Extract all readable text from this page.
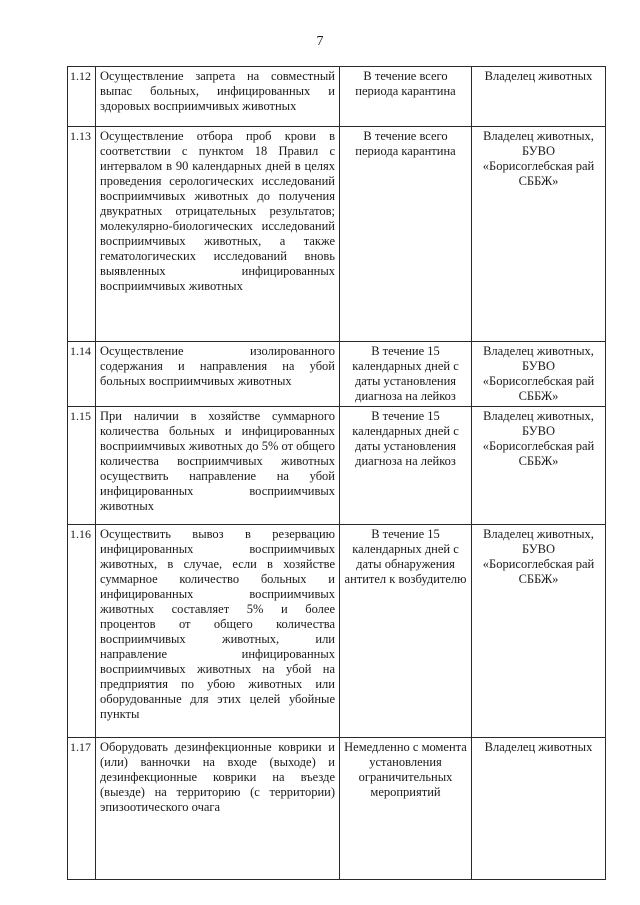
7
1.12	Осуществление запрета на совместный выпас больных, инфицированных и здоровых восприимчивых животных	В течение всего периода карантина	Владелец животных
1.13	Осуществление отбора проб крови в соответствии с пунктом 18 Правил с интервалом в 90 календарных дней в целях проведения серологических исследований восприимчивых животных до получения двукратных отрицательных результатов; молекулярно-биологических исследований восприимчивых животных, а также гематологических исследований вновь выявленных инфицированных восприимчивых животных	В течение всего периода карантина	Владелец животных, БУВО «Борисоглебская рай СББЖ»
1.14	Осуществление изолированного содержания и направления на убой больных восприимчивых животных	В течение 15 календарных дней с даты установления диагноза на лейкоз	Владелец животных, БУВО «Борисоглебская рай СББЖ»
1.15	При наличии в хозяйстве суммарного количества больных и инфицированных восприимчивых животных до 5% от общего количества восприимчивых животных осуществить направление на убой инфицированных восприимчивых животных	В течение 15 календарных дней с даты установления диагноза на лейкоз	Владелец животных, БУВО «Борисоглебская рай СББЖ»
1.16	Осуществить вывоз в резервацию инфицированных восприимчивых животных, в случае, если в хозяйстве суммарное количество больных и инфицированных восприимчивых животных составляет 5% и более процентов от общего количества восприимчивых животных, или направление инфицированных восприимчивых животных на убой на предприятия по убою животных или оборудованные для этих целей убойные пункты	В течение 15 календарных дней с даты обнаружения антител к возбудителю	Владелец животных, БУВО «Борисоглебская рай СББЖ»
1.17	Оборудовать дезинфекционные коврики и (или) ванночки на входе (выходе) и дезинфекционные коврики на въезде (выезде) на территорию (с территории) эпизоотического очага	Немедленно с момента установления ограничительных мероприятий	Владелец животных
